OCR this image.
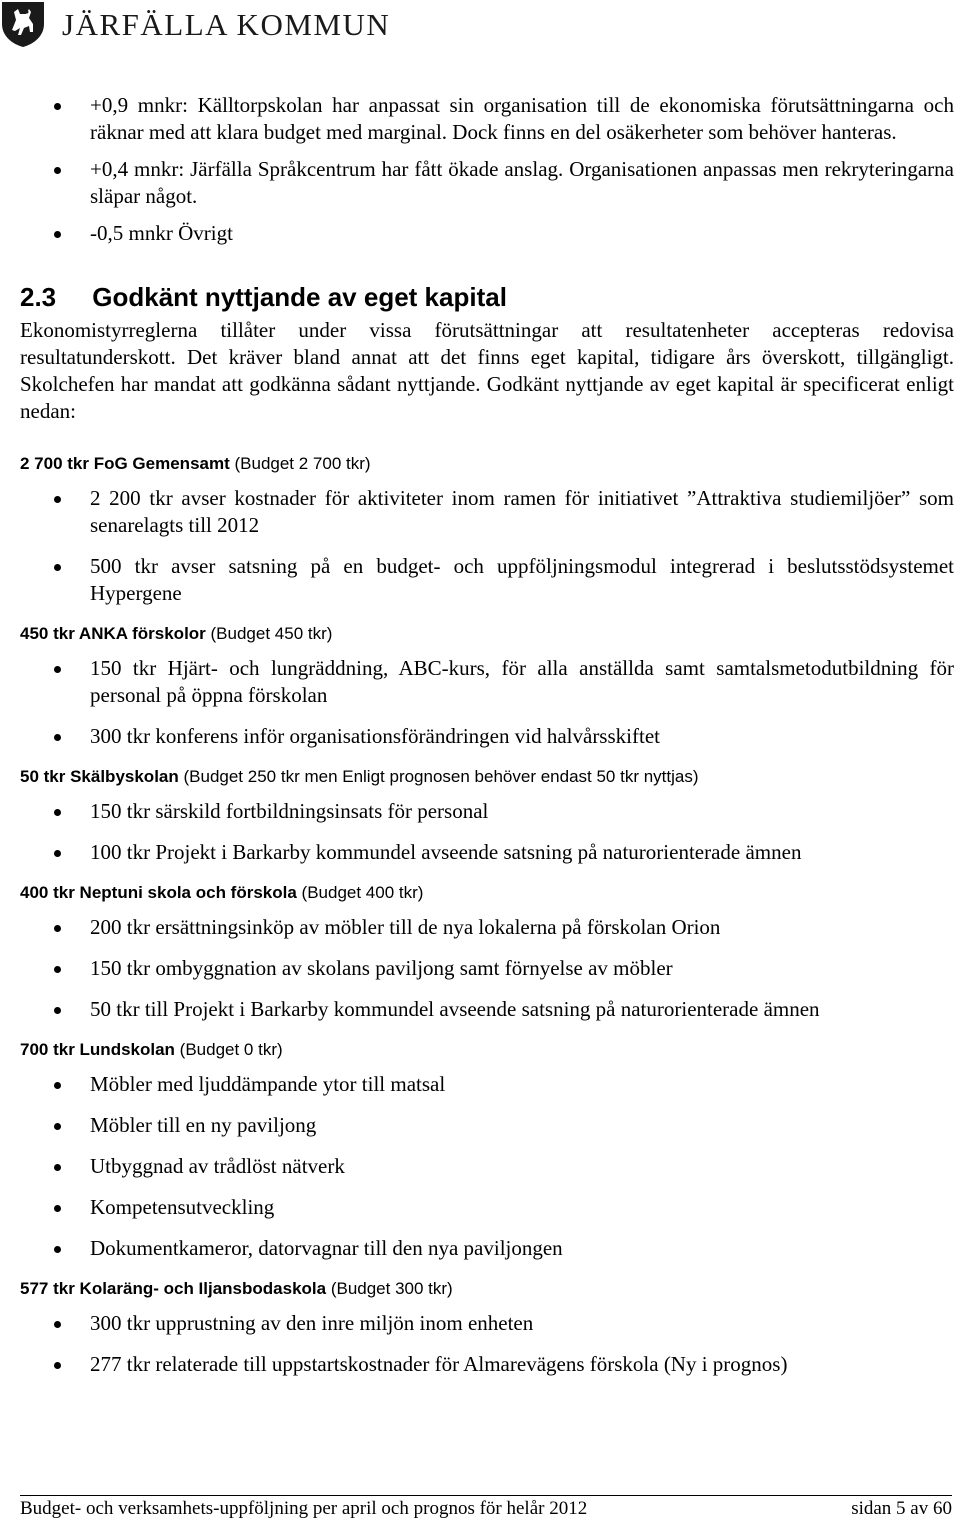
JÄRFÄLLA KOMMUN
+0,9 mnkr: Källtorpskolan har anpassat sin organisation till de ekonomiska förutsättningarna och räknar med att klara budget med marginal. Dock finns en del osäkerheter som behöver hanteras.
+0,4 mnkr: Järfälla Språkcentrum har fått ökade anslag. Organisationen anpassas men rekryteringarna släpar något.
-0,5 mnkr Övrigt
2.3     Godkänt nyttjande av eget kapital

Ekonomistyrreglerna tillåter under vissa förutsättningar att resultatenheter accepteras redovisa resultatunderskott. Det kräver bland annat att det finns eget kapital, tidigare års överskott, tillgängligt. Skolchefen har mandat att godkänna sådant nyttjande. Godkänt nyttjande av eget kapital är specificerat enligt nedan:

2 700 tkr FoG Gemensamt (Budget 2 700 tkr)
2 200 tkr avser kostnader för aktiviteter inom ramen för initiativet ”Attraktiva studiemiljöer” som senarelagts till 2012
500 tkr avser satsning på en budget- och uppföljningsmodul integrerad i beslutsstödsystemet Hypergene
450 tkr ANKA förskolor (Budget 450 tkr)
150 tkr Hjärt- och lungräddning, ABC-kurs, för alla anställda samt samtalsmetodutbildning för personal på öppna förskolan
300 tkr konferens inför organisationsförändringen vid halvårsskiftet
50 tkr Skälbyskolan (Budget 250 tkr men Enligt prognosen behöver endast 50 tkr nyttjas)
150 tkr särskild fortbildningsinsats för personal
100 tkr Projekt i Barkarby kommundel avseende satsning på naturorienterade ämnen
400 tkr Neptuni skola och förskola (Budget 400 tkr)
200 tkr ersättningsinköp av möbler till de nya lokalerna på förskolan Orion
150 tkr ombyggnation av skolans paviljong samt förnyelse av möbler
50 tkr till Projekt i Barkarby kommundel avseende satsning på naturorienterade ämnen
700 tkr Lundskolan (Budget 0 tkr)
Möbler med ljuddämpande ytor till matsal
Möbler till en ny paviljong
Utbyggnad av trådlöst nätverk
Kompetensutveckling
Dokumentkameror, datorvagnar till den nya paviljongen
577 tkr Kolaräng- och Iljansbodaskola (Budget 300 tkr)
300 tkr upprustning av den inre miljön inom enheten
277 tkr relaterade till uppstartskostnader för Almarevägens förskola (Ny i prognos)
Budget- och verksamhets-uppföljning per april och prognos för helår 2012	sidan 5 av 60
